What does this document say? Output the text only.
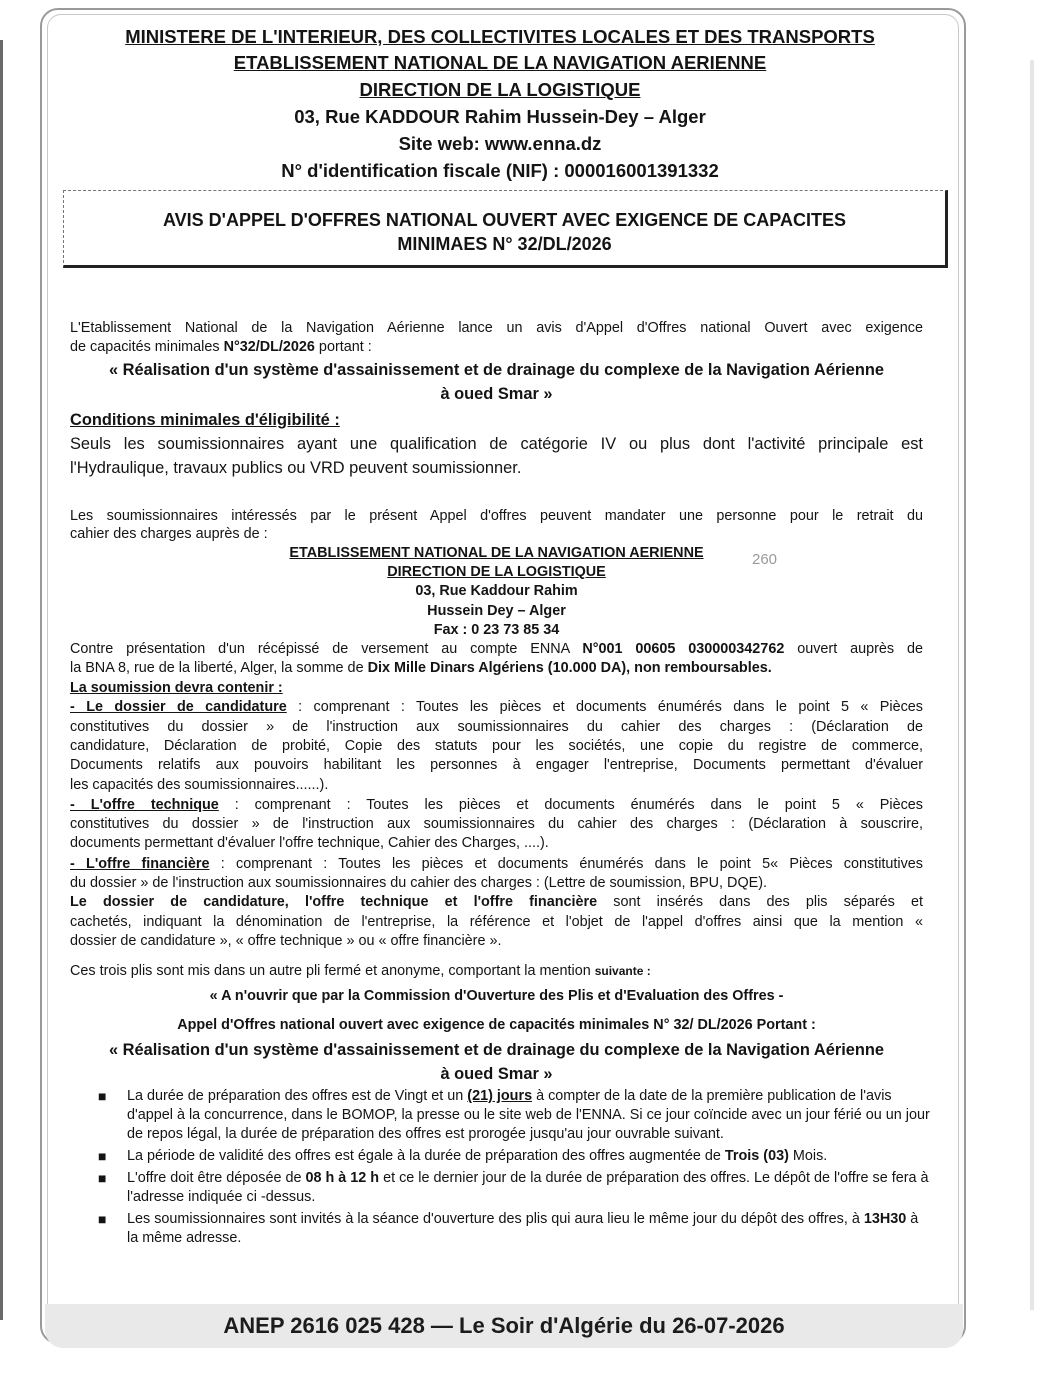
MINISTERE DE L'INTERIEUR, DES COLLECTIVITES LOCALES ET DES TRANSPORTS
ETABLISSEMENT NATIONAL DE LA NAVIGATION AERIENNE
DIRECTION DE LA LOGISTIQUE
03, Rue KADDOUR Rahim Hussein-Dey – Alger
Site web: www.enna.dz
N° d'identification fiscale (NIF) : 000016001391332

AVIS D'APPEL D'OFFRES NATIONAL OUVERT AVEC EXIGENCE DE CAPACITES

MINIMAES N° 32/DL/2026

L'Etablissement National de la Navigation Aérienne lance un avis d'Appel d'Offres national Ouvert avec exigence
de capacités minimales N°32/DL/2026 portant :
« Réalisation d'un système d'assainissement et de drainage du complexe de la Navigation Aérienne
à oued Smar »
Conditions minimales d'éligibilité :
Seuls les soumissionnaires ayant une qualification de catégorie IV ou plus dont l'activité principale est
l'Hydraulique, travaux publics ou VRD peuvent soumissionner.
Les soumissionnaires intéressés par le présent Appel d'offres peuvent mandater une personne pour le retrait du
cahier des charges auprès de :
ETABLISSEMENT NATIONAL DE LA NAVIGATION AERIENNE
DIRECTION DE LA LOGISTIQUE
03, Rue Kaddour Rahim
Hussein Dey – Alger
Fax : 0 23 73 85 34
260
Contre présentation d'un récépissé de versement au compte ENNA N°001 00605 030000342762 ouvert auprès de
la BNA 8, rue de la liberté, Alger, la somme de Dix Mille Dinars Algériens (10.000 DA), non remboursables.
La soumission devra contenir :
- Le dossier de candidature : comprenant : Toutes les pièces et documents énumérés dans le point 5 « Pièces
constitutives du dossier » de l'instruction aux soumissionnaires du cahier des charges : (Déclaration de
candidature, Déclaration de probité, Copie des statuts pour les sociétés, une copie du registre de commerce,
Documents relatifs aux pouvoirs habilitant les personnes à engager l'entreprise, Documents permettant d'évaluer
les capacités des soumissionnaires......).
- L'offre technique : comprenant : Toutes les pièces et documents énumérés dans le point 5 « Pièces
constitutives du dossier » de l'instruction aux soumissionnaires du cahier des charges : (Déclaration à souscrire,
documents permettant d'évaluer l'offre technique, Cahier des Charges, ....).
- L'offre financière : comprenant : Toutes les pièces et documents énumérés dans le point 5« Pièces constitutives
du dossier » de l'instruction aux soumissionnaires du cahier des charges : (Lettre de soumission, BPU, DQE).
Le dossier de candidature, l'offre technique et l'offre financière sont insérés dans des plis séparés et
cachetés, indiquant la dénomination de l'entreprise, la référence et l'objet de l'appel d'offres ainsi que la mention «
dossier de candidature », « offre technique » ou « offre financière ».
Ces trois plis sont mis dans un autre pli fermé et anonyme, comportant la mention suivante :
« A n'ouvrir que par la Commission d'Ouverture des Plis et d'Evaluation des Offres -
Appel d'Offres national ouvert avec exigence de capacités minimales N° 32/ DL/2026 Portant :
« Réalisation d'un système d'assainissement et de drainage du complexe de la Navigation Aérienne
à oued Smar »
■ La durée de préparation des offres est de Vingt et un (21) jours à compter de la date de la première publication de l'avis d'appel à la concurrence, dans le BOMOP, la presse ou le site web de l'ENNA. Si ce jour coïncide avec un jour férié ou un jour de repos légal, la durée de préparation des offres est prorogée jusqu'au jour ouvrable suivant.
■ La période de validité des offres est égale à la durée de préparation des offres augmentée de Trois (03) Mois.
■ L'offre doit être déposée de 08 h à 12 h et ce le dernier jour de la durée de préparation des offres. Le dépôt de l'offre se fera à l'adresse indiquée ci -dessus.
■ Les soumissionnaires sont invités à la séance d'ouverture des plis qui aura lieu le même jour du dépôt des offres, à 13H30 à la même adresse.
ANEP 2616 025 428 — Le Soir d'Algérie du 26-07-2026
